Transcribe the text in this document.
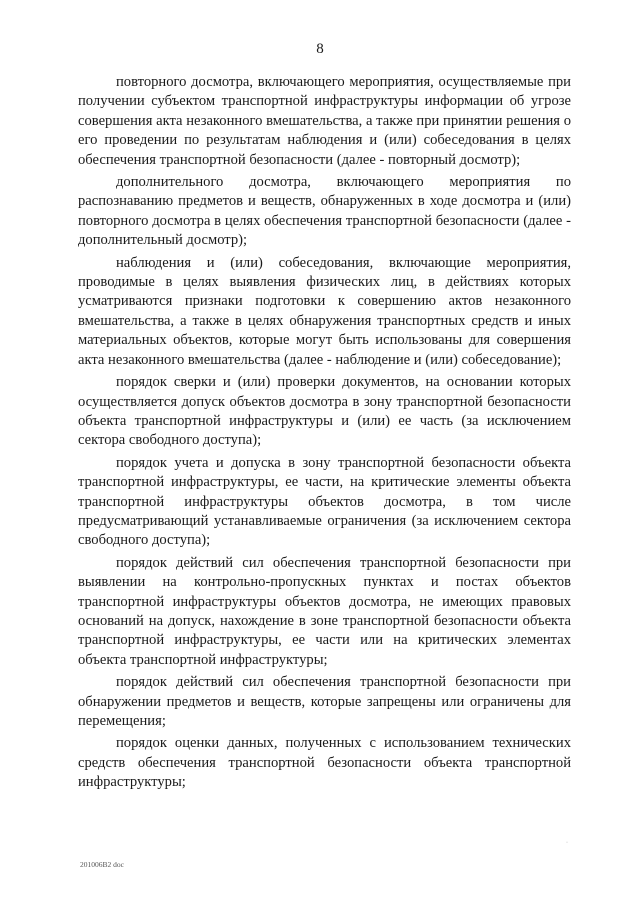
8

повторного досмотра, включающего мероприятия, осуществляемые при получении субъектом транспортной инфраструктуры информации об угрозе совершения акта незаконного вмешательства, а также при принятии решения о его проведении по результатам наблюдения и (или) собеседования в целях обеспечения транспортной безопасности (далее - повторный досмотр);

дополнительного досмотра, включающего мероприятия по распознаванию предметов и веществ, обнаруженных в ходе досмотра и (или) повторного досмотра в целях обеспечения транспортной безопасности (далее - дополнительный досмотр);

наблюдения и (или) собеседования, включающие мероприятия, проводимые в целях выявления физических лиц, в действиях которых усматриваются признаки подготовки к совершению актов незаконного вмешательства, а также в целях обнаружения транспортных средств и иных материальных объектов, которые могут быть использованы для совершения акта незаконного вмешательства (далее - наблюдение и (или) собеседование);

порядок сверки и (или) проверки документов, на основании которых осуществляется допуск объектов досмотра в зону транспортной безопасности объекта транспортной инфраструктуры и (или) ее часть (за исключением сектора свободного доступа);

порядок учета и допуска в зону транспортной безопасности объекта транспортной инфраструктуры, ее части, на критические элементы объекта транспортной инфраструктуры объектов досмотра, в том числе предусматривающий устанавливаемые ограничения (за исключением сектора свободного доступа);

порядок действий сил обеспечения транспортной безопасности при выявлении на контрольно-пропускных пунктах и постах объектов транспортной инфраструктуры объектов досмотра, не имеющих правовых оснований на допуск, нахождение в зоне транспортной безопасности объекта транспортной инфраструктуры, ее части или на критических элементах объекта транспортной инфраструктуры;

порядок действий сил обеспечения транспортной безопасности при обнаружении предметов и веществ, которые запрещены или ограничены для перемещения;

порядок оценки данных, полученных с использованием технических средств обеспечения транспортной безопасности объекта транспортной инфраструктуры;

·
201006В2 doc
